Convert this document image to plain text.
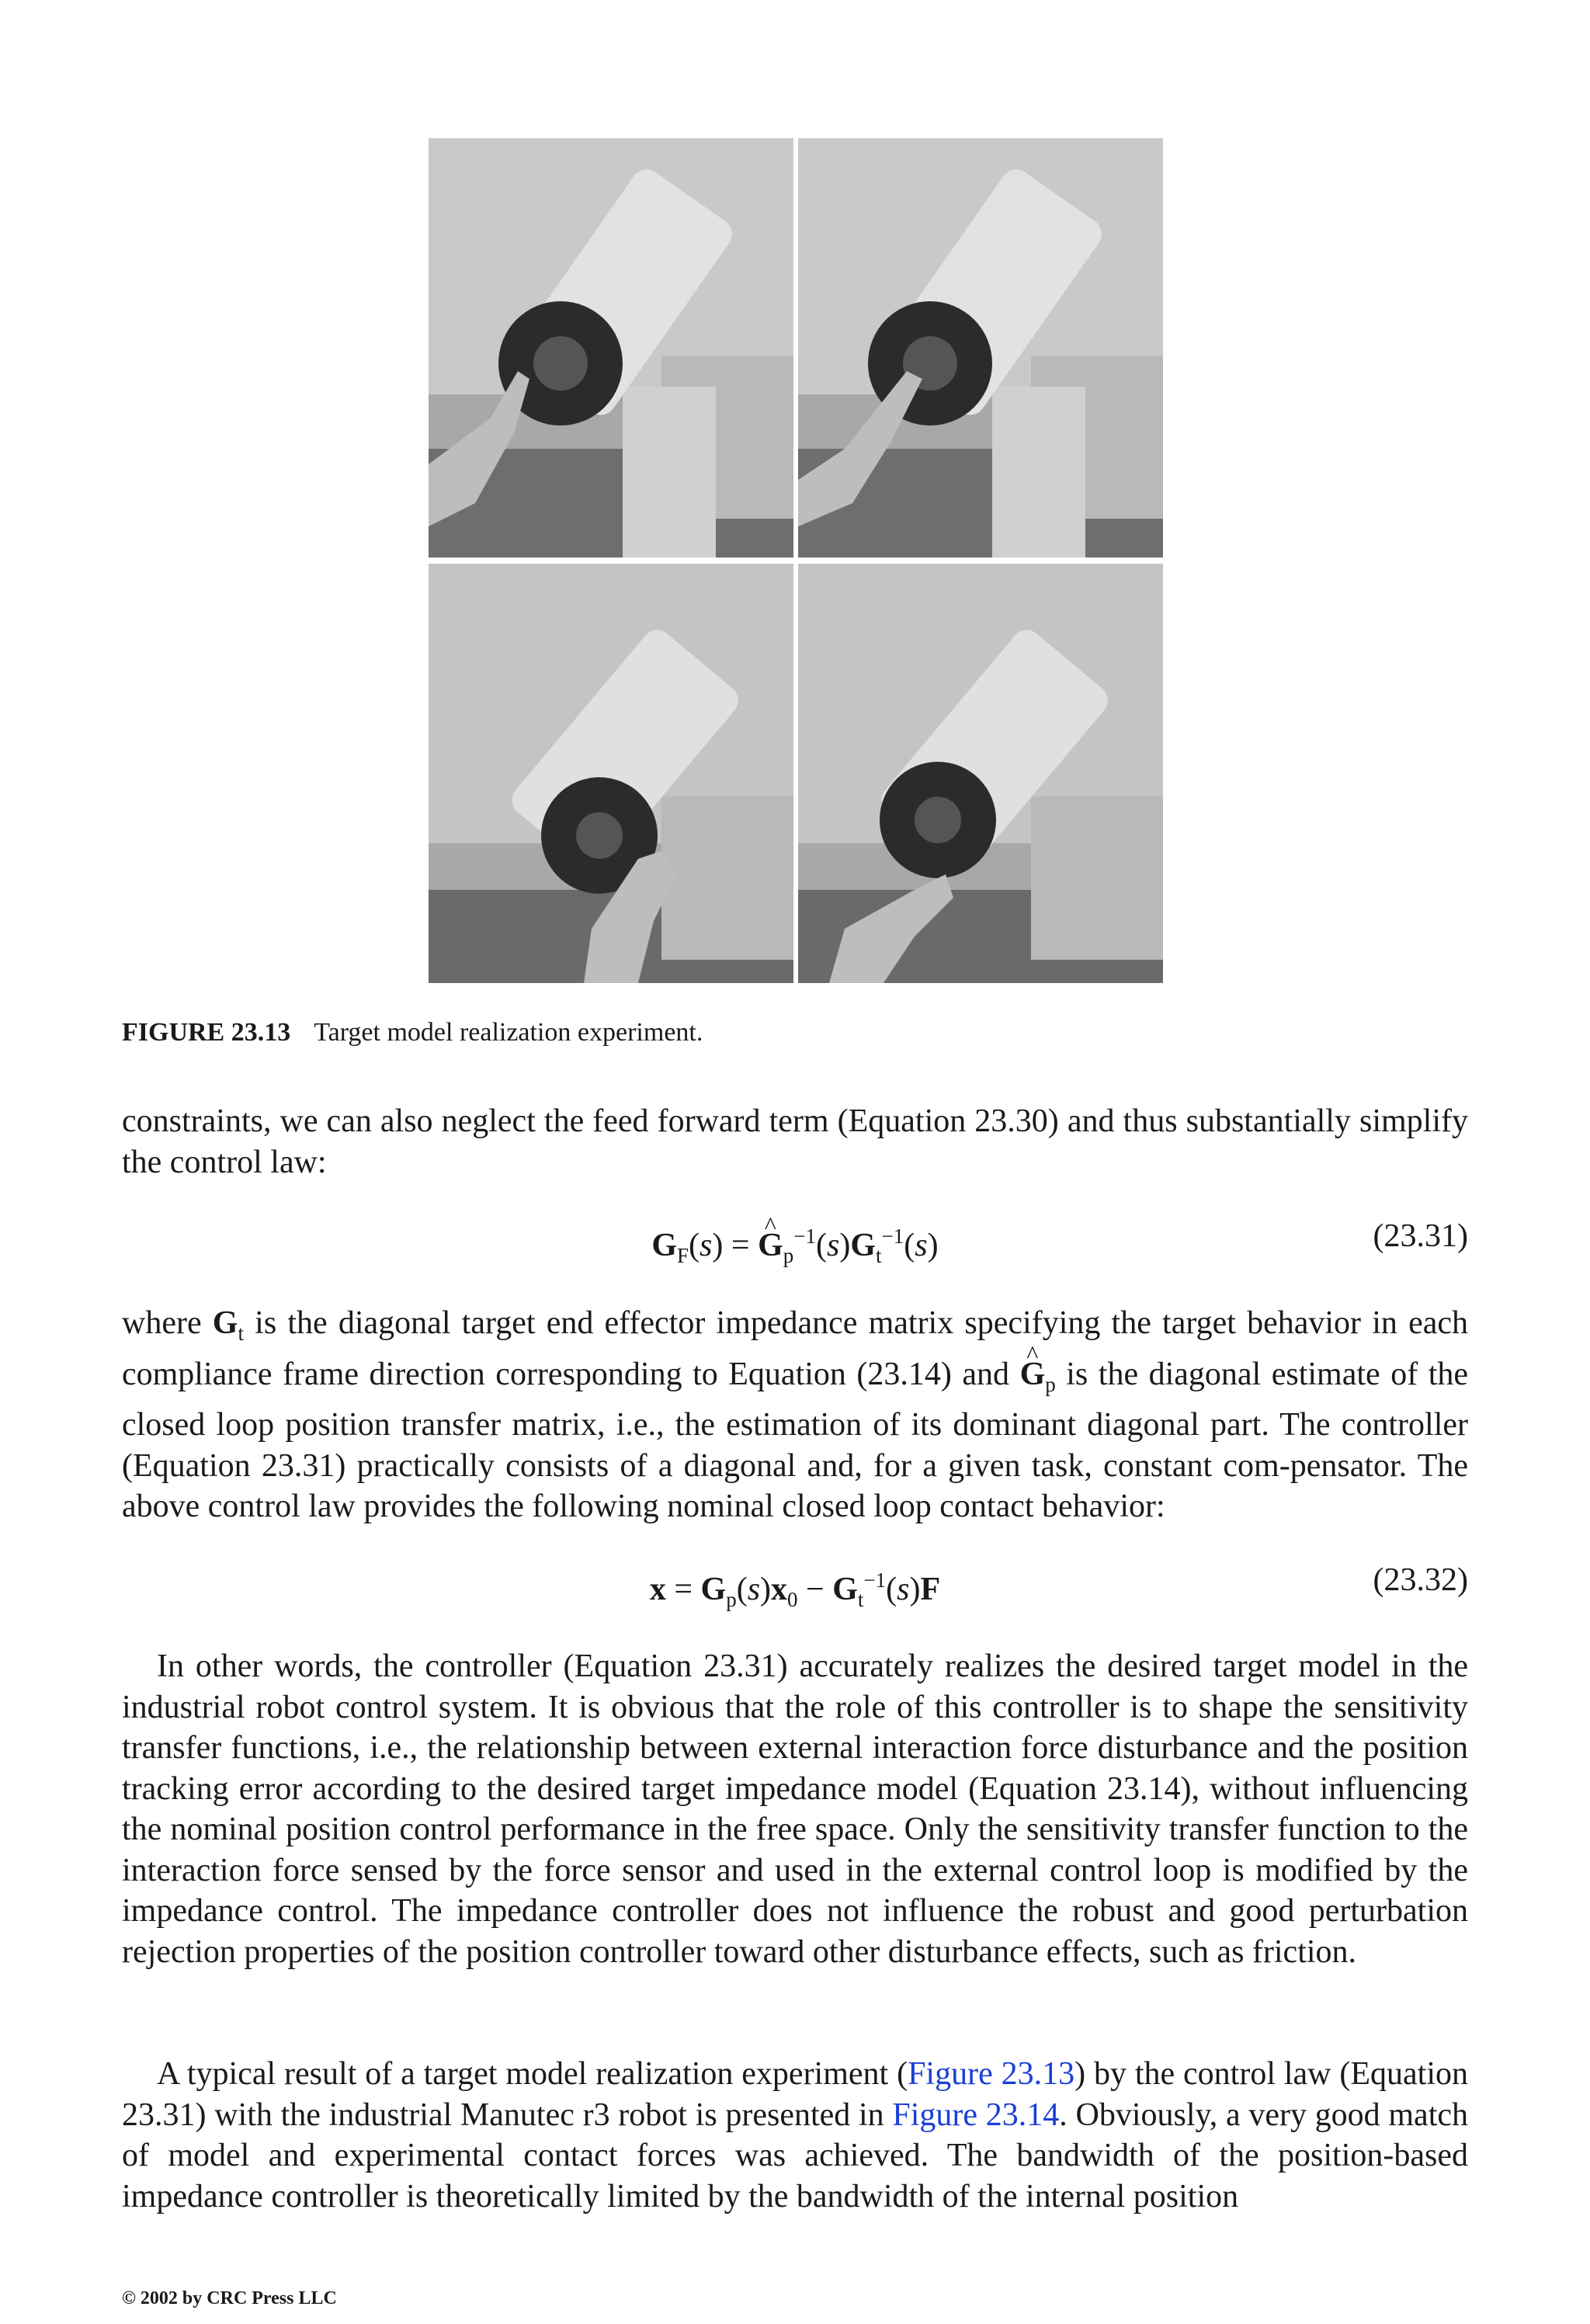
FIGURE 23.13 Target model realization experiment.

constraints, we can also neglect the feed forward term (Equation 23.30) and thus substantially simplify the control law:

$G_F(s)$ = ^ $G_p^{-1}(s)G_t^{-1}(s)$	(23.31)
where $G_t$ is the diagonal target end effector impedance matrix specifying the target behavior in each compliance frame direction corresponding to Equation (23.14) and ^ $G_p$ is the diagonal estimate of the closed loop position transfer matrix, i.e., the estimation of its dominant diagonal part. The controller (Equation 23.31) practically consists of a diagonal and, for a given task, constant com-pensator. The above control law provides the following nominal closed loop contact behavior:
$x = G_p(s)x_0 - G_t^{-1}(s)F$	(23.32)

In other words, the controller (Equation 23.31) accurately realizes the desired target model in the industrial robot control system. It is obvious that the role of this controller is to shape the sensitivity transfer functions, i.e., the relationship between external interaction force disturbance and the position tracking error according to the desired target impedance model (Equation 23.14), without influencing the nominal position control performance in the free space. Only the sensitivity transfer function to the interaction force sensed by the force sensor and used in the external control loop is modified by the impedance control. The impedance controller does not influence the robust and good perturbation rejection properties of the position controller toward other disturbance effects, such as friction.

A typical result of a target model realization experiment (Figure 23.13) by the control law (Equation 23.31) with the industrial Manutec r3 robot is presented in Figure 23.14. Obviously, a very good match of model and experimental contact forces was achieved. The bandwidth of the position-based impedance controller is theoretically limited by the bandwidth of the internal position

© 2002 by CRC Press LLC
